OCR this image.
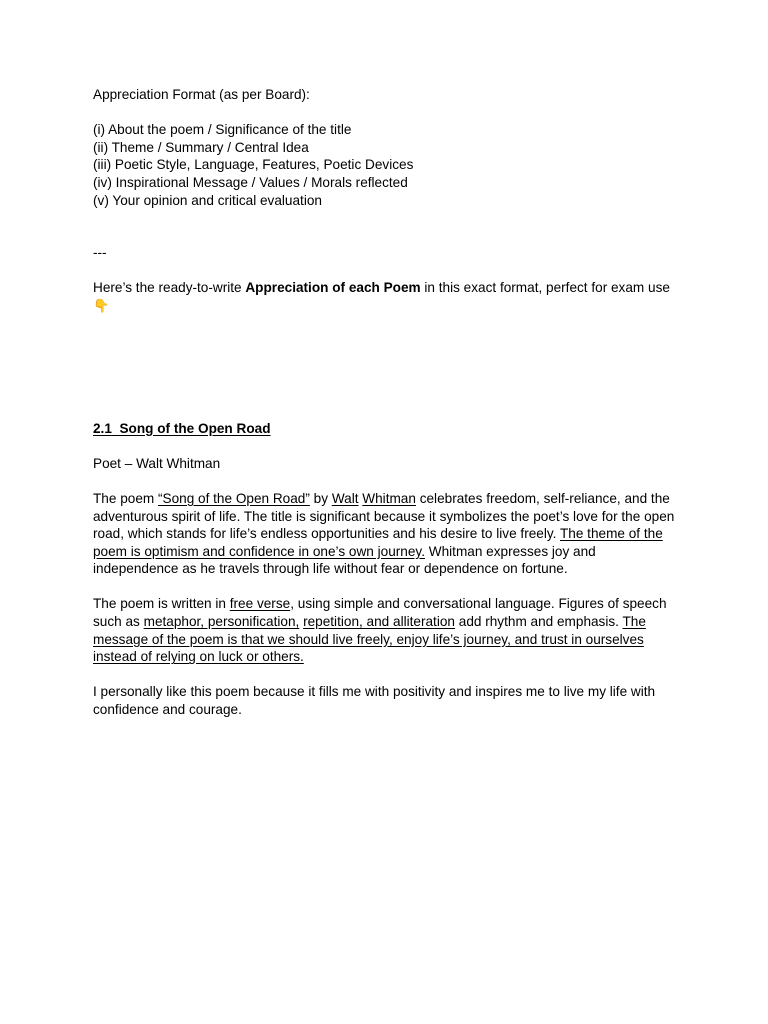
Appreciation Format (as per Board):

(i) About the poem / Significance of the title

(ii) Theme / Summary / Central Idea

(iii) Poetic Style, Language, Features, Poetic Devices

(iv) Inspirational Message / Values / Morals reflected

(v) Your opinion and critical evaluation

---

Here’s the ready-to-write Appreciation of each Poem in this exact format, perfect for exam use 👇

2.1 Song of the Open Road

Poet – Walt Whitman

The poem “Song of the Open Road” by Walt Whitman celebrates freedom, self-reliance, and the adventurous spirit of life. The title is significant because it symbolizes the poet’s love for the open road, which stands for life’s endless opportunities and his desire to live freely. The theme of the poem is optimism and confidence in one’s own journey. Whitman expresses joy and independence as he travels through life without fear or dependence on fortune.

The poem is written in free verse, using simple and conversational language. Figures of speech such as metaphor, personification, repetition, and alliteration add rhythm and emphasis. The message of the poem is that we should live freely, enjoy life’s journey, and trust in ourselves instead of relying on luck or others.

I personally like this poem because it fills me with positivity and inspires me to live my life with confidence and courage.
